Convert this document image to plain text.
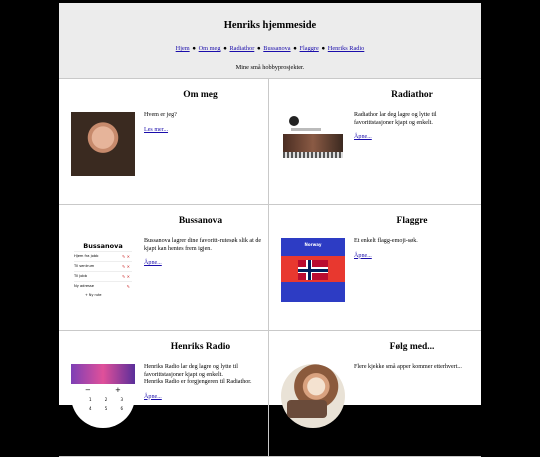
Henriks hjemmeside
Hjem ● Om meg ● Radiathor ● Bussanova ● Flaggre ● Henriks Radio
Mine små hobbyprosjekter.
Om meg
Hvem er jeg?
Les mer...
Radiathor
Radiathor lar deg lagre og lytte til favorittstasjoner kjapt og enkelt.
Åpne...
Bussanova
Bussanova
Hjem fra jobb	✎ ✕
Til sentrum	✎ ✕
Til jobb	✎ ✕
Ny adresse	✎
+ Ny rute
Bussanova lagrer dine favoritt-rutesøk slik at de kjapt kan hentes frem igjen.
Åpne...
Flaggre
Norway
Et enkelt flagg-emoji-søk.
Åpne...
Henriks Radio
−	+
1	2	3
4	5	6
Henriks Radio lar deg lagre og lytte til favorittstasjoner kjapt og enkelt.
Henriks Radio er forgjengeren til Radiathor.
Åpne...
Følg med...
Flere kjekke små apper kommer etterhvert...
